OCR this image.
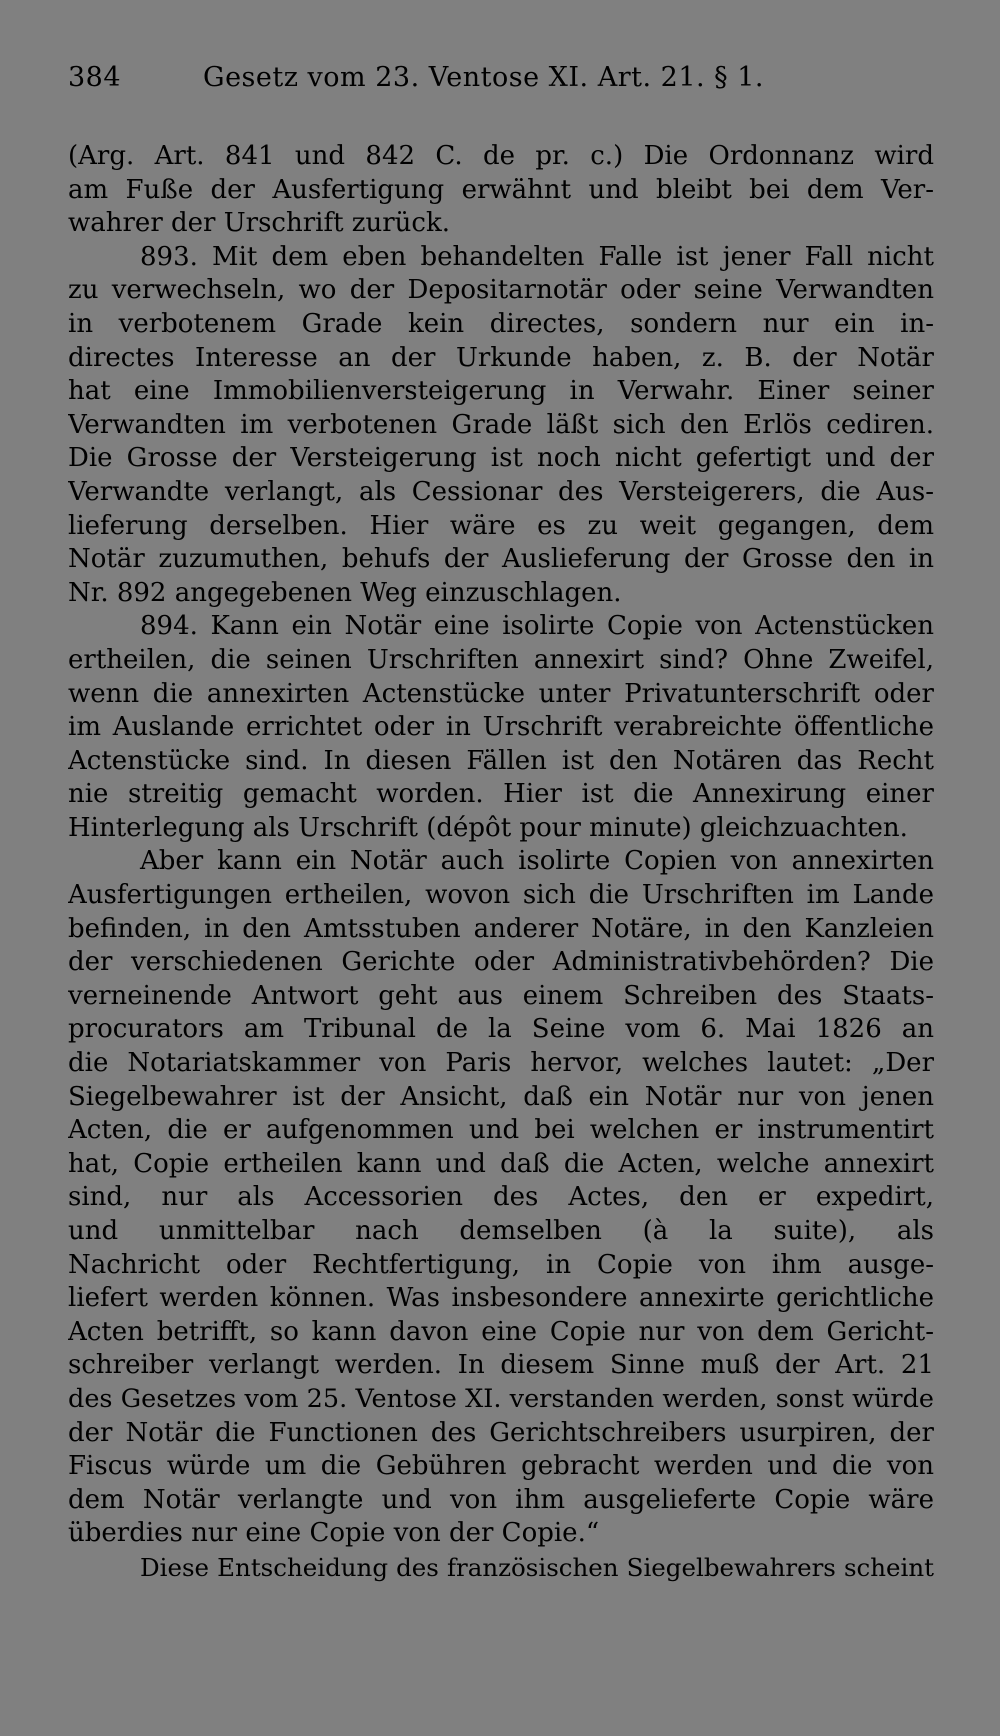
384	Gesetz vom 23. Ventose XI. Art. 21. § 1.
(Arg. Art. 841 und 842 C. de pr. c.) Die Ordonnanz wird
am Fuße der Ausfertigung erwähnt und bleibt bei dem Ver-
wahrer der Urschrift zurück.
893. Mit dem eben behandelten Falle ist jener Fall nicht
zu verwechseln, wo der Depositarnotär oder seine Verwandten
in verbotenem Grade kein directes, sondern nur ein in-
directes Interesse an der Urkunde haben, z. B. der Notär
hat eine Immobilienversteigerung in Verwahr. Einer seiner
Verwandten im verbotenen Grade läßt sich den Erlös cediren.
Die Grosse der Versteigerung ist noch nicht gefertigt und der
Verwandte verlangt, als Cessionar des Versteigerers, die Aus-
lieferung derselben. Hier wäre es zu weit gegangen, dem
Notär zuzumuthen, behufs der Auslieferung der Grosse den in
Nr. 892 angegebenen Weg einzuschlagen.
894. Kann ein Notär eine isolirte Copie von Actenstücken
ertheilen, die seinen Urschriften annexirt sind? Ohne Zweifel,
wenn die annexirten Actenstücke unter Privatunterschrift oder
im Auslande errichtet oder in Urschrift verabreichte öffentliche
Actenstücke sind. In diesen Fällen ist den Notären das Recht
nie streitig gemacht worden. Hier ist die Annexirung einer
Hinterlegung als Urschrift (dépôt pour minute) gleichzuachten.
Aber kann ein Notär auch isolirte Copien von annexirten
Ausfertigungen ertheilen, wovon sich die Urschriften im Lande
befinden, in den Amtsstuben anderer Notäre, in den Kanzleien
der verschiedenen Gerichte oder Administrativbehörden? Die
verneinende Antwort geht aus einem Schreiben des Staats-
procurators am Tribunal de la Seine vom 6. Mai 1826 an
die Notariatskammer von Paris hervor, welches lautet: „Der
Siegelbewahrer ist der Ansicht, daß ein Notär nur von jenen
Acten, die er aufgenommen und bei welchen er instrumentirt
hat, Copie ertheilen kann und daß die Acten, welche annexirt
sind, nur als Accessorien des Actes, den er expedirt,
und unmittelbar nach demselben (à la suite), als
Nachricht oder Rechtfertigung, in Copie von ihm ausge-
liefert werden können. Was insbesondere annexirte gerichtliche
Acten betrifft, so kann davon eine Copie nur von dem Gericht-
schreiber verlangt werden. In diesem Sinne muß der Art. 21
des Gesetzes vom 25. Ventose XI. verstanden werden, sonst würde
der Notär die Functionen des Gerichtschreibers usurpiren, der
Fiscus würde um die Gebühren gebracht werden und die von
dem Notär verlangte und von ihm ausgelieferte Copie wäre
überdies nur eine Copie von der Copie.“
Diese Entscheidung des französischen Siegelbewahrers scheint
